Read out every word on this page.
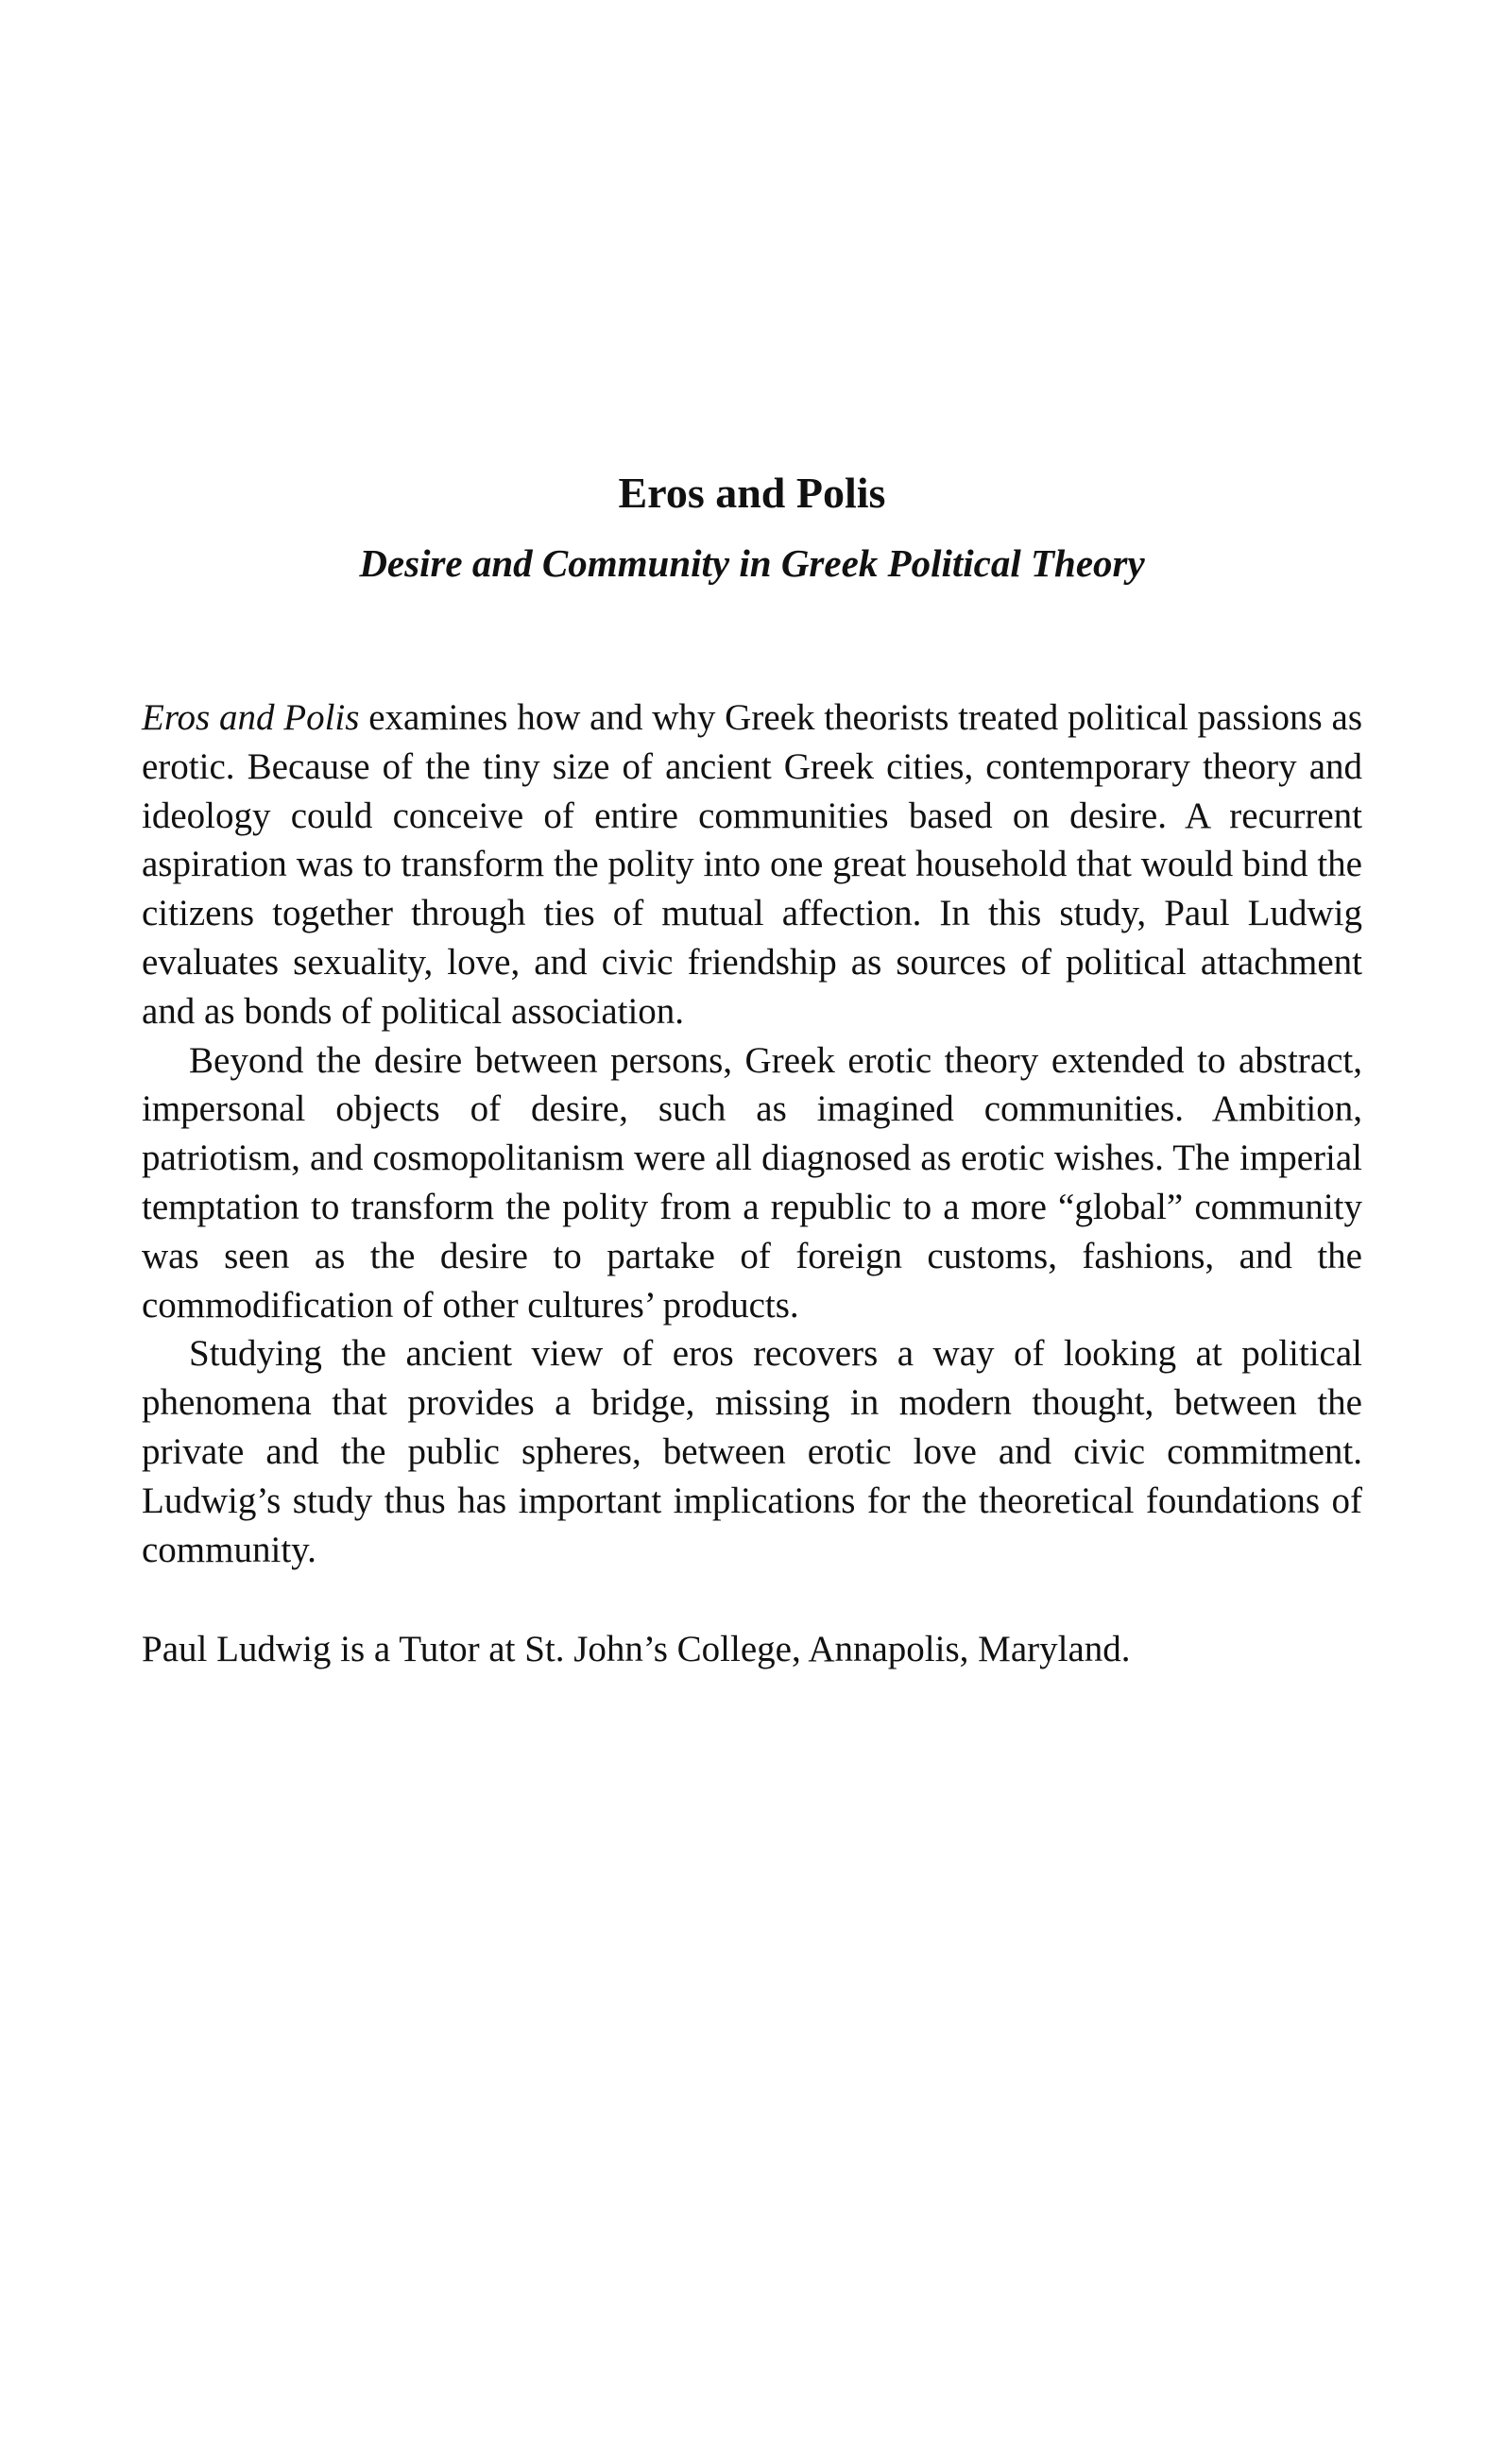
Eros and Polis
Desire and Community in Greek Political Theory

Eros and Polis examines how and why Greek theorists treated political passions as erotic. Because of the tiny size of ancient Greek cities, contemporary theory and ideology could conceive of entire communities based on desire. A recurrent aspiration was to transform the polity into one great household that would bind the citizens together through ties of mutual affection. In this study, Paul Ludwig evaluates sexuality, love, and civic friendship as sources of political attachment and as bonds of political association.

Beyond the desire between persons, Greek erotic theory extended to abstract, impersonal objects of desire, such as imagined communities. Ambition, patriotism, and cosmopolitanism were all diagnosed as erotic wishes. The imperial temptation to transform the polity from a republic to a more “global” community was seen as the desire to partake of foreign customs, fashions, and the commodification of other cultures’ products.

Studying the ancient view of eros recovers a way of looking at political phenomena that provides a bridge, missing in modern thought, between the private and the public spheres, between erotic love and civic commitment. Ludwig’s study thus has important implications for the theoretical foundations of community.

Paul Ludwig is a Tutor at St. John’s College, Annapolis, Maryland.
